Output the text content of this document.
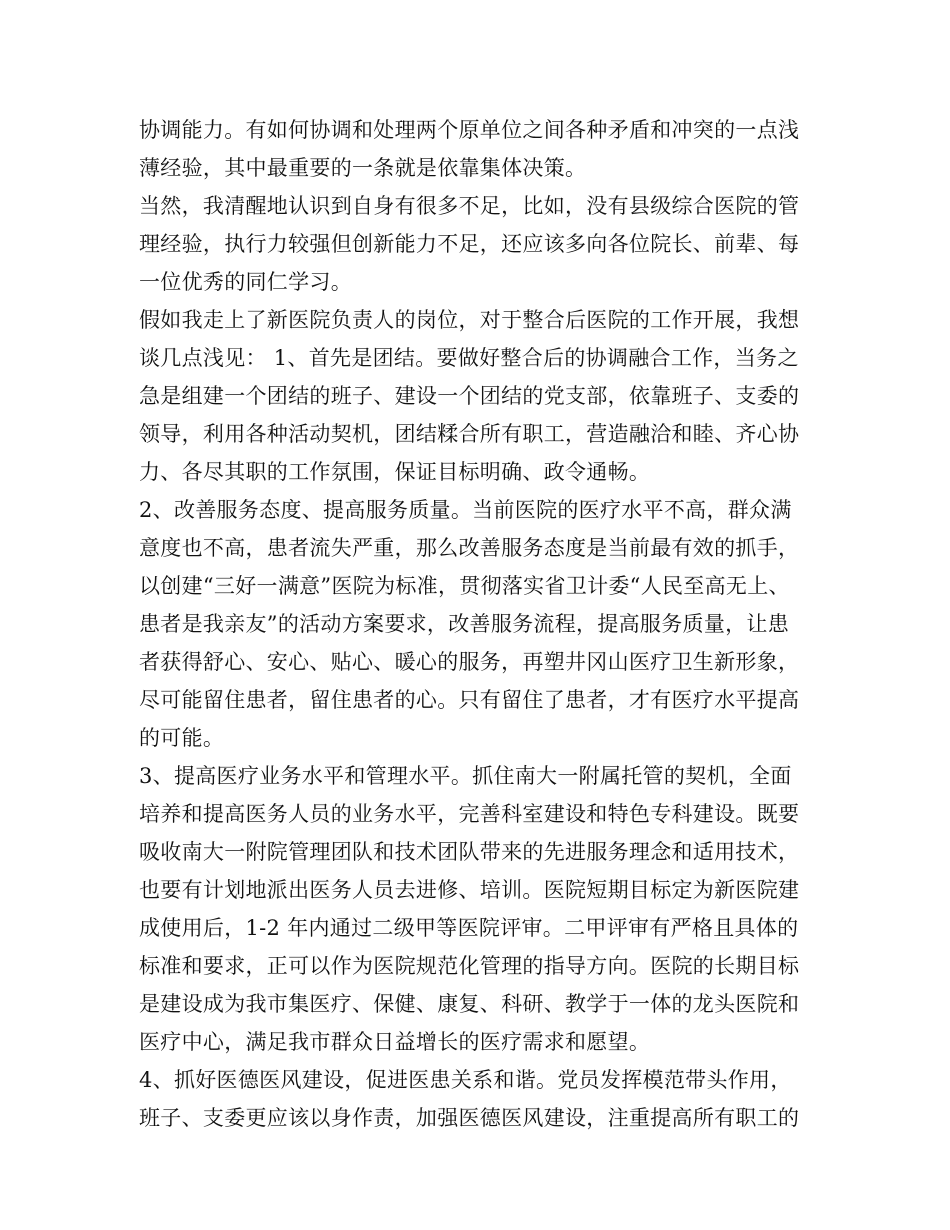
协调能力。有如何协调和处理两个原单位之间各种矛盾和冲突的一点浅
薄经验，其中最重要的一条就是依靠集体决策。
当然，我清醒地认识到自身有很多不足，比如，没有县级综合医院的管
理经验，执行力较强但创新能力不足，还应该多向各位院长、前辈、每
一位优秀的同仁学习。
假如我走上了新医院负责人的岗位，对于整合后医院的工作开展，我想
谈几点浅见： 1、首先是团结。要做好整合后的协调融合工作，当务之
急是组建一个团结的班子、建设一个团结的党支部，依靠班子、支委的
领导，利用各种活动契机，团结糅合所有职工，营造融洽和睦、齐心协
力、各尽其职的工作氛围，保证目标明确、政令通畅。
2、改善服务态度、提高服务质量。当前医院的医疗水平不高，群众满
意度也不高，患者流失严重，那么改善服务态度是当前最有效的抓手，
以创建“三好一满意”医院为标准，贯彻落实省卫计委“人民至高无上、
患者是我亲友”的活动方案要求，改善服务流程，提高服务质量，让患
者获得舒心、安心、贴心、暖心的服务，再塑井冈山医疗卫生新形象，
尽可能留住患者，留住患者的心。只有留住了患者，才有医疗水平提高
的可能。
3、提高医疗业务水平和管理水平。抓住南大一附属托管的契机，全面
培养和提高医务人员的业务水平，完善科室建设和特色专科建设。既要
吸收南大一附院管理团队和技术团队带来的先进服务理念和适用技术，
也要有计划地派出医务人员去进修、培训。医院短期目标定为新医院建
成使用后，1-2 年内通过二级甲等医院评审。二甲评审有严格且具体的
标准和要求，正可以作为医院规范化管理的指导方向。医院的长期目标
是建设成为我市集医疗、保健、康复、科研、教学于一体的龙头医院和
医疗中心，满足我市群众日益增长的医疗需求和愿望。
4、抓好医德医风建设，促进医患关系和谐。党员发挥模范带头作用，
班子、支委更应该以身作责，加强医德医风建设，注重提高所有职工的
